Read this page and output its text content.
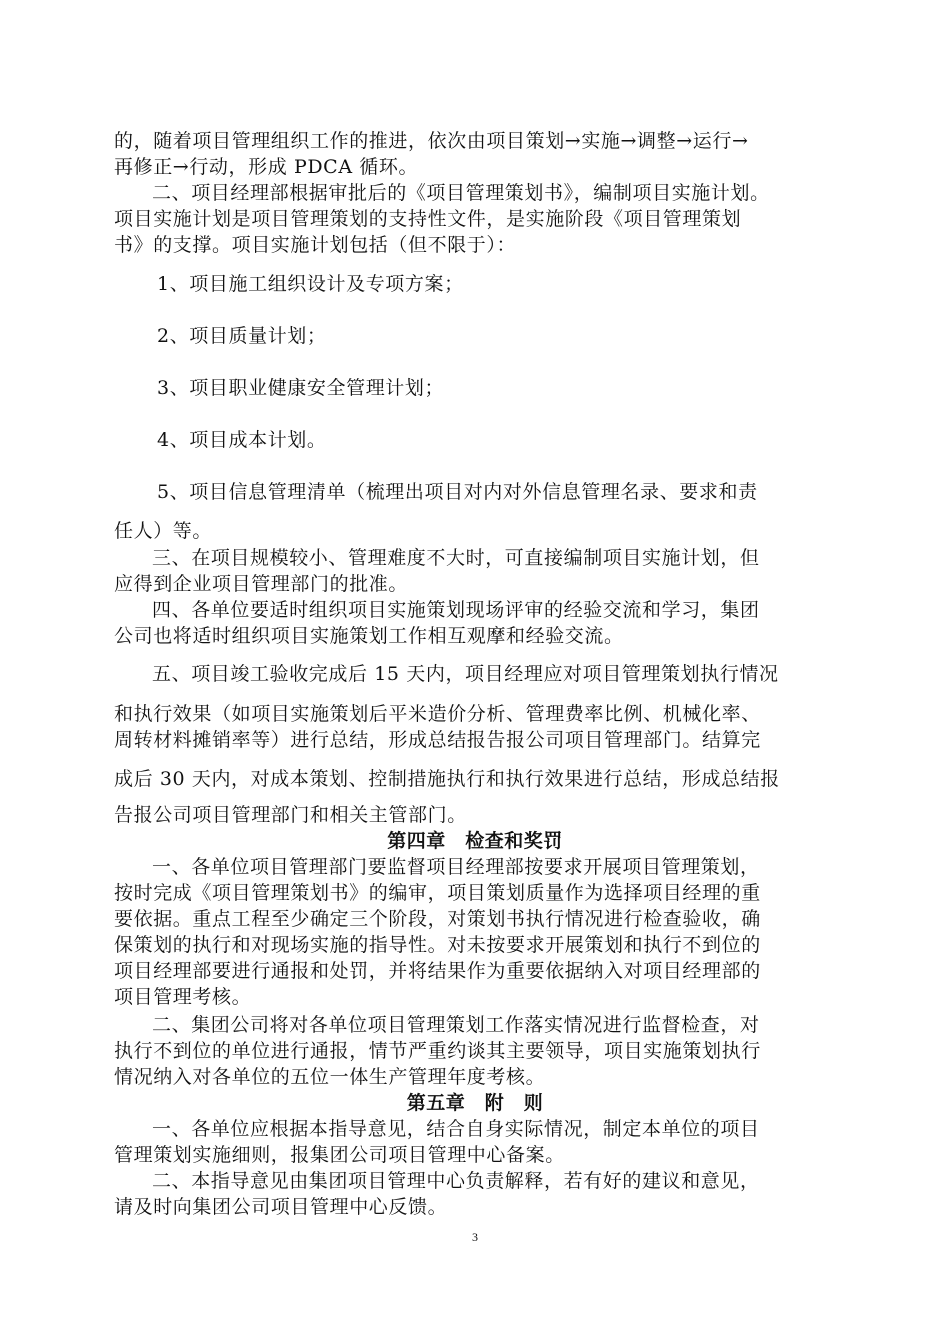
的，随着项目管理组织工作的推进，依次由项目策划→实施→调整→运行→
再修正→行动，形成 PDCA 循环。
二、项目经理部根据审批后的《项目管理策划书》，编制项目实施计划。
项目实施计划是项目管理策划的支持性文件，是实施阶段《项目管理策划
书》的支撑。项目实施计划包括（但不限于）：
1、项目施工组织设计及专项方案；
2、项目质量计划；
3、项目职业健康安全管理计划；
4、项目成本计划。
5、项目信息管理清单（梳理出项目对内对外信息管理名录、要求和责
任人）等。
三、在项目规模较小、管理难度不大时，可直接编制项目实施计划，但
应得到企业项目管理部门的批准。
四、各单位要适时组织项目实施策划现场评审的经验交流和学习，集团
公司也将适时组织项目实施策划工作相互观摩和经验交流。
五、项目竣工验收完成后 15 天内，项目经理应对项目管理策划执行情况
和执行效果（如项目实施策划后平米造价分析、管理费率比例、机械化率、
周转材料摊销率等）进行总结，形成总结报告报公司项目管理部门。结算完
成后 30 天内，对成本策划、控制措施执行和执行效果进行总结，形成总结报
告报公司项目管理部门和相关主管部门。
第四章　检查和奖罚
一、各单位项目管理部门要监督项目经理部按要求开展项目管理策划，
按时完成《项目管理策划书》的编审，项目策划质量作为选择项目经理的重
要依据。重点工程至少确定三个阶段，对策划书执行情况进行检查验收，确
保策划的执行和对现场实施的指导性。对未按要求开展策划和执行不到位的
项目经理部要进行通报和处罚，并将结果作为重要依据纳入对项目经理部的
项目管理考核。
二、集团公司将对各单位项目管理策划工作落实情况进行监督检查，对
执行不到位的单位进行通报，情节严重约谈其主要领导，项目实施策划执行
情况纳入对各单位的五位一体生产管理年度考核。
第五章　附　则
一、各单位应根据本指导意见，结合自身实际情况，制定本单位的项目
管理策划实施细则，报集团公司项目管理中心备案。
二、本指导意见由集团项目管理中心负责解释，若有好的建议和意见，
请及时向集团公司项目管理中心反馈。
3
